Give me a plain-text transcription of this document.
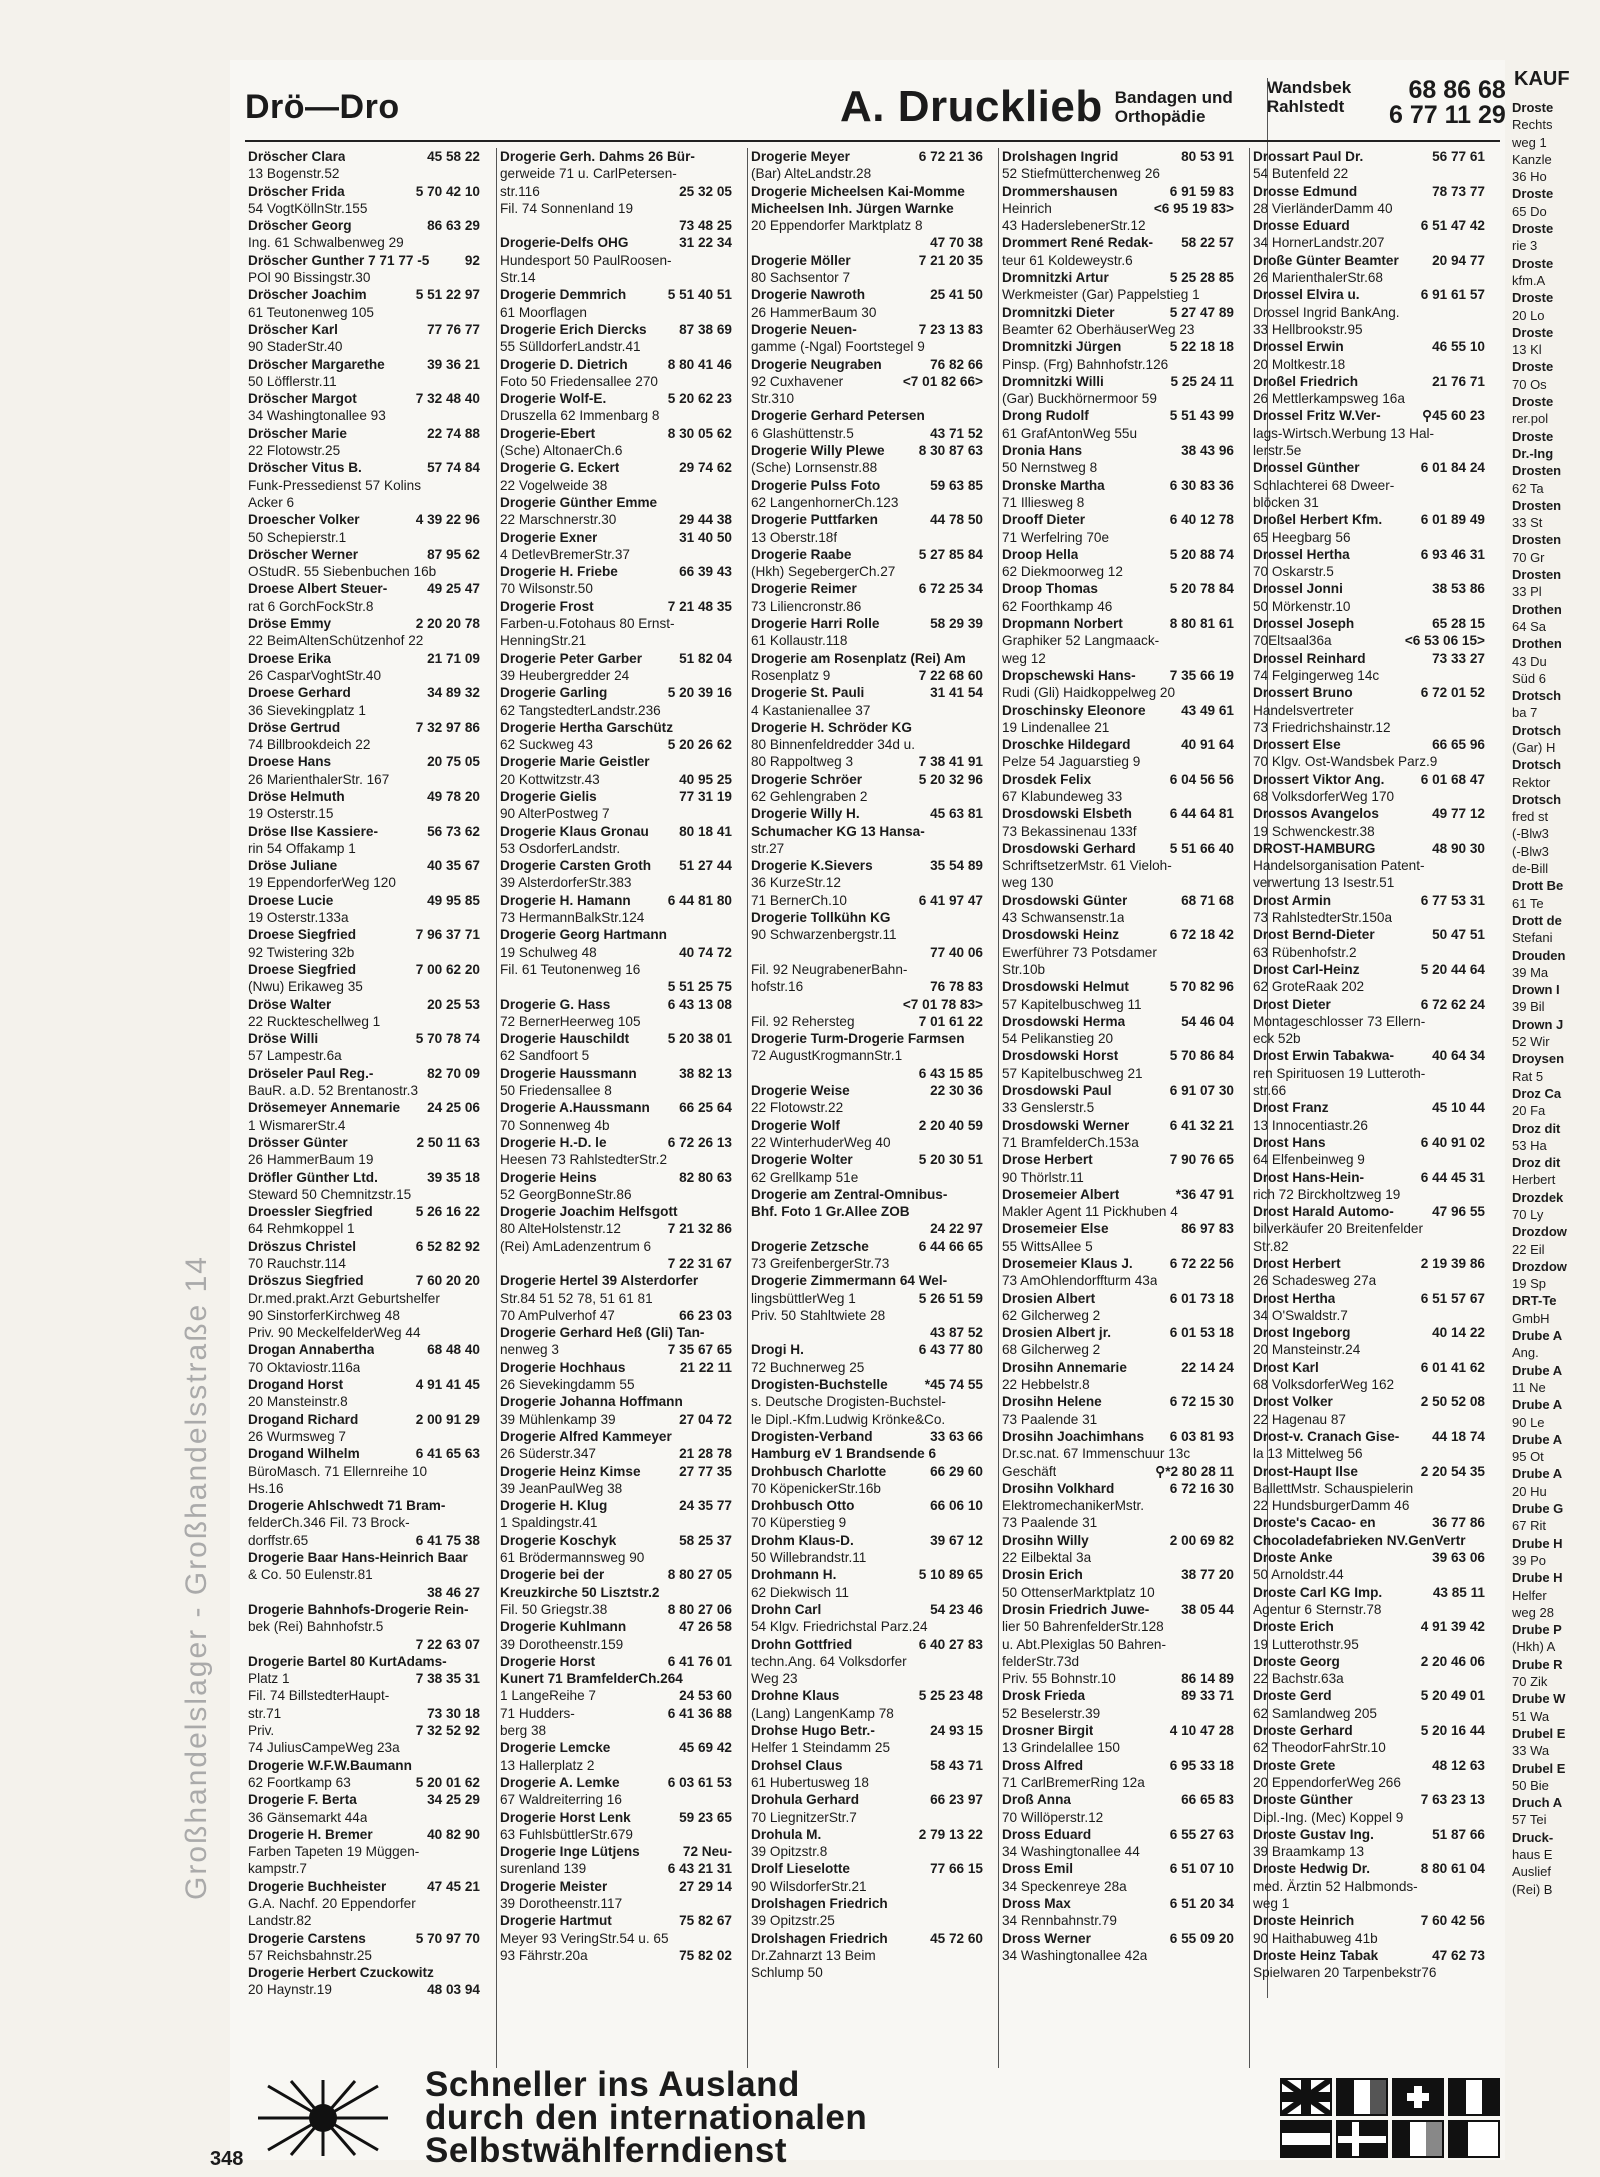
Großhandelslager - Großhandelsstraße 14
Drö—Dro	A. Drucklieb Bandagen und
Orthopädie
Wandsbek
Rahlstedt
68 86 68
6 77 11 29
Dröscher Clara	45 58 22
13 Bogenstr.52
Dröscher Frida	5 70 42 10
54 VogtKöllnStr.155
Dröscher Georg	86 63 29
Ing. 61 Schwalbenweg 29
Dröscher Gunther 7 71 77 -5	92
POl 90 Bissingstr.30
Dröscher Joachim	5 51 22 97
61 Teutonenweg 105
Dröscher Karl	77 76 77
90 StaderStr.40
Dröscher Margarethe	39 36 21
50 Löfflerstr.11
Dröscher Margot	7 32 48 40
34 Washingtonallee 93
Dröscher Marie	22 74 88
22 Flotowstr.25
Dröscher Vitus B.	57 74 84
Funk-Pressedienst 57 Kolins
Acker 6
Droescher Volker	4 39 22 96
50 Schepierstr.1
Dröscher Werner	87 95 62
OStudR. 55 Siebenbuchen 16b
Droese Albert Steuer-	49 25 47
rat 6 GorchFockStr.8
Dröse Emmy	2 20 20 78
22 BeimAltenSchützenhof 22
Droese Erika	21 71 09
26 CasparVoghtStr.40
Droese Gerhard	34 89 32
36 Sievekingplatz 1
Dröse Gertrud	7 32 97 86
74 Billbrookdeich 22
Droese Hans	20 75 05
26 MarienthalerStr. 167
Dröse Helmuth	49 78 20
19 Osterstr.15
Dröse Ilse Kassiere-	56 73 62
rin 54 Offakamp 1
Dröse Juliane	40 35 67
19 EppendorferWeg 120
Droese Lucie	49 95 85
19 Osterstr.133a
Droese Siegfried	7 96 37 71
92 Twistering 32b
Droese Siegfried	7 00 62 20
(Nwu) Erikaweg 35
Dröse Walter	20 25 53
22 Ruckteschellweg 1
Dröse Willi	5 70 78 74
57 Lampestr.6a
Dröseler Paul Reg.-	82 70 09
BauR. a.D. 52 Brentanostr.3
Drösemeyer Annemarie 24 25 06
1 WismarerStr.4
Drösser Günter	2 50 11 63
26 HammerBaum 19
Dröfler Günther Ltd.	39 35 18
Steward 50 Chemnitzstr.15
Droessler Siegfried	5 26 16 22
64 Rehmkoppel 1
Dröszus Christel	6 52 82 92
70 Rauchstr.114
Dröszus Siegfried	7 60 20 20
Dr.med.prakt.Arzt Geburtshelfer
90 SinstorferKirchweg 48
Priv. 90 MeckelfelderWeg 44
Drogan Annabertha	68 48 40
70 Oktaviostr.116a
Drogand Horst	4 91 41 45
20 Mansteinstr.8
Drogand Richard	2 00 91 29
26 Wurmsweg 7
Drogand Wilhelm	6 41 65 63
BüroMasch. 71 Ellernreihe 10
Hs.16
Drogerie Ahlschwedt 71 Bram-
felderCh.346 Fil. 73 Brock-
dorffstr.65	6 41 75 38
Drogerie Baar Hans-Heinrich Baar
& Co. 50 Eulenstr.81
38 46 27
Drogerie Bahnhofs-Drogerie Rein-
bek (Rei) Bahnhofstr.5
7 22 63 07
Drogerie Bartel 80 KurtAdams-
Platz 1	7 38 35 31
Fil. 74 BillstedterHaupt-
str.71	73 30 18
Priv.	7 32 52 92
74 JuliusCampeWeg 23a
Drogerie W.F.W.Baumann
62 Foortkamp 63	5 20 01 62
Drogerie F. Berta	34 25 29
36 Gänsemarkt 44a
Drogerie H. Bremer	40 82 90
Farben Tapeten 19 Müggen-
kampstr.7
Drogerie Buchheister	47 45 21
G.A. Nachf. 20 Eppendorfer
Landstr.82
Drogerie Carstens	5 70 97 70
57 Reichsbahnstr.25
Drogerie Herbert Czuckowitz
20 Haynstr.19	48 03 94
Drogerie Gerh. Dahms 26 Bür-
gerweide 71 u. CarlPetersen-
str.116	25 32 05
Fil. 74 SonnenIand 19
73 48 25
Drogerie-Delfs OHG	31 22 34
Hundesport 50 PaulRoosen-
Str.14
Drogerie Demmrich	5 51 40 51
61 Moorflagen
Drogerie Erich Diercks 87 38 69
55 SülldorferLandstr.41
Drogerie D. Dietrich	8 80 41 46
Foto 50 Friedensallee 270
Drogerie Wolf-E.	5 20 62 23
Druszella 62 Immenbarg 8
Drogerie-Ebert	8 30 05 62
(Sche) AltonaerCh.6
Drogerie G. Eckert	29 74 62
22 Vogelweide 38
Drogerie Günther Emme
22 Marschnerstr.30	29 44 38
Drogerie Exner	31 40 50
4 DetlevBremerStr.37
Drogerie H. Friebe	66 39 43
70 Wilsonstr.50
Drogerie Frost	7 21 48 35
Farben-u.Fotohaus 80 Ernst-
HenningStr.21
Drogerie Peter Garber	51 82 04
39 Heubergredder 24
Drogerie Garling	5 20 39 16
62 TangstedterLandstr.236
Drogerie Hertha Garschütz
62 Suckweg 43	5 20 26 62
Drogerie Marie Geistler
20 Kottwitzstr.43	40 95 25
Drogerie Gielis	77 31 19
90 AlterPostweg 7
Drogerie Klaus Gronau 80 18 41
53 OsdorferLandstr.
Drogerie Carsten Groth 51 27 44
39 AlsterdorferStr.383
Drogerie H. Hamann	6 44 81 80
73 HermannBalkStr.124
Drogerie Georg Hartmann
19 Schulweg 48	40 74 72
Fil. 61 Teutonenweg 16
5 51 25 75
Drogerie G. Hass	6 43 13 08
72 BernerHeerweg 105
Drogerie Hauschildt	5 20 38 01
62 Sandfoort 5
Drogerie Haussmann	38 82 13
50 Friedensallee 8
Drogerie A.Haussmann 66 25 64
70 Sonnenweg 4b
Drogerie H.-D. le	6 72 26 13
Heesen 73 RahlstedterStr.2
Drogerie Heins	82 80 63
52 GeorgBonneStr.86
Drogerie Joachim Helfsgott
80 AlteHolstenstr.12	7 21 32 86
(Rei) AmLadenzentrum 6
7 22 31 67
Drogerie Hertel 39 Alsterdorfer
Str.84 51 52 78, 51 61 81
70 AmPulverhof 47	66 23 03
Drogerie Gerhard Heß (Gli) Tan-
nenweg 3	7 35 67 65
Drogerie Hochhaus	21 22 11
26 Sievekingdamm 55
Drogerie Johanna Hoffmann
39 Mühlenkamp 39	27 04 72
Drogerie Alfred Kammeyer
26 Süderstr.347	21 28 78
Drogerie Heinz Kimse	27 77 35
39 JeanPaulWeg 38
Drogerie H. Klug	24 35 77
1 Spaldingstr.41
Drogerie Koschyk	58 25 37
61 Brödermannsweg 90
Drogerie bei der	8 80 27 05
Kreuzkirche 50 Lisztstr.2
Fil. 50 Griegstr.38	8 80 27 06
Drogerie Kuhlmann	47 26 58
39 Dorotheenstr.159
Drogerie Horst	6 41 76 01
Kunert 71 BramfelderCh.264
1 LangeReihe 7	24 53 60
71 Hudders-	6 41 36 88
berg 38
Drogerie Lemcke	45 69 42
13 Hallerplatz 2
Drogerie A. Lemke	6 03 61 53
67 Waldreiterring 16
Drogerie Horst Lenk	59 23 65
63 FuhlsbüttlerStr.679
Drogerie Inge Lütjens	72 Neu-
surenland 139	6 43 21 31
Drogerie Meister	27 29 14
39 Dorotheenstr.117
Drogerie Hartmut	75 82 67
Meyer 93 VeringStr.54 u. 65
93 Fährstr.20a	75 82 02
Drogerie Meyer	6 72 21 36
(Bar) AlteLandstr.28
Drogerie Micheelsen Kai-Momme
Micheelsen Inh. Jürgen Warnke
20 Eppendorfer Marktplatz 8
47 70 38
Drogerie Möller	7 21 20 35
80 Sachsentor 7
Drogerie Nawroth	25 41 50
26 HammerBaum 30
Drogerie Neuen-	7 23 13 83
gamme (-Ngal) Foortstegel 9
Drogerie Neugraben	76 82 66
92 Cuxhavener	<7 01 82 66>
Str.310
Drogerie Gerhard Petersen
6 Glashüttenstr.5	43 71 52
Drogerie Willy Plewe	8 30 87 63
(Sche) Lornsenstr.88
Drogerie Pulss Foto	59 63 85
62 LangenhornerCh.123
Drogerie Puttfarken	44 78 50
13 Oberstr.18f
Drogerie Raabe	5 27 85 84
(Hkh) SegebergerCh.27
Drogerie Reimer	6 72 25 34
73 Liliencronstr.86
Drogerie Harri Rolle	58 29 39
61 Kollaustr.118
Drogerie am Rosenplatz (Rei) Am
Rosenplatz 9	7 22 68 60
Drogerie St. Pauli	31 41 54
4 Kastanienallee 37
Drogerie H. Schröder KG
80 Binnenfeldredder 34d u.
80 Rappoltweg 3	7 38 41 91
Drogerie Schröer	5 20 32 96
62 Gehlengraben 2
Drogerie Willy H.	45 63 81
Schumacher KG 13 Hansa-
str.27
Drogerie K.Sievers	35 54 89
36 KurzeStr.12
71 BernerCh.10	6 41 97 47
Drogerie Tollkühn KG
90 Schwarzenbergstr.11
77 40 06
Fil. 92 NeugrabenerBahn-
hofstr.16	76 78 83
<7 01 78 83>
Fil. 92 Rehersteg	7 01 61 22
Drogerie Turm-Drogerie Farmsen
72 AugustKrogmannStr.1
6 43 15 85
Drogerie Weise	22 30 36
22 Flotowstr.22
Drogerie Wolf	2 20 40 59
22 WinterhuderWeg 40
Drogerie Wolter	5 20 30 51
62 Grellkamp 51e
Drogerie am Zentral-Omnibus-
Bhf. Foto 1 Gr.Allee ZOB
24 22 97
Drogerie Zetzsche	6 44 66 65
73 GreifenbergerStr.73
Drogerie Zimmermann 64 Wel-
lingsbüttlerWeg 1	5 26 51 59
Priv. 50 Stahltwiete 28
43 87 52
Drogi H.	6 43 77 80
72 Buchnerweg 25
Drogisten-Buchstelle	*45 74 55
s. Deutsche Drogisten-Buchstel-
le Dipl.-Kfm.Ludwig Krönke&Co.
Drogisten-Verband	33 63 66
Hamburg eV 1 Brandsende 6
Drohbusch Charlotte	66 29 60
70 KöpenickerStr.16b
Drohbusch Otto	66 06 10
70 Küperstieg 9
Drohm Klaus-D.	39 67 12
50 Willebrandstr.11
Drohmann H.	5 10 89 65
62 Diekwisch 11
Drohn Carl	54 23 46
54 Klgv. Friedrichstal Parz.24
Drohn Gottfried	6 40 27 83
techn.Ang. 64 Volksdorfer
Weg 23
Drohne Klaus	5 25 23 48
(Lang) LangenKamp 78
Drohse Hugo Betr.-	24 93 15
Helfer 1 Steindamm 25
Drohsel Claus	58 43 71
61 Hubertusweg 18
Drohula Gerhard	66 23 97
70 LiegnitzerStr.7
Drohula M.	2 79 13 22
39 Opitzstr.8
Drolf Lieselotte	77 66 15
90 WilsdorferStr.21
Drolshagen Friedrich
39 Opitzstr.25
Drolshagen Friedrich	45 72 60
Dr.Zahnarzt 13 Beim
Schlump 50
Drolshagen Ingrid	80 53 91
52 Stiefmütterchenweg 26
Drommershausen	6 91 59 83
Heinrich	<6 95 19 83>
43 HaderslebenerStr.12
Drommert René Redak- 58 22 57
teur 61 Koldeweystr.6
Dromnitzki Artur	5 25 28 85
Werkmeister (Gar) Pappelstieg 1
Dromnitzki Dieter	5 27 47 89
Beamter 62 OberhäuserWeg 23
Dromnitzki Jürgen	5 22 18 18
Pinsp. (Frg) Bahnhofstr.126
Dromnitzki Willi	5 25 24 11
(Gar) Buckhörnermoor 59
Drong Rudolf	5 51 43 99
61 GrafAntonWeg 55u
Dronia Hans	38 43 96
50 Nernstweg 8
Dronske Martha	6 30 83 36
71 Illiesweg 8
Drooff Dieter	6 40 12 78
71 Werfelring 70e
Droop Hella	5 20 88 74
62 Diekmoorweg 12
Droop Thomas	5 20 78 84
62 Foorthkamp 46
Dropmann Norbert	8 80 81 61
Graphiker 52 Langmaack-
weg 12
Dropschewski Hans-	7 35 66 19
Rudi (Gli) Haidkoppelweg 20
Droschinsky Eleonore	43 49 61
19 Lindenallee 21
Droschke Hildegard	40 91 64
Pelze 54 Jaguarstieg 9
Drosdek Felix	6 04 56 56
67 Klabundeweg 33
Drosdowski Elsbeth	6 44 64 81
73 Bekassinenau 133f
Drosdowski Gerhard	5 51 66 40
SchriftsetzerMstr. 61 Vieloh-
weg 130
Drosdowski Günter	68 71 68
43 Schwansenstr.1a
Drosdowski Heinz	6 72 18 42
Ewerführer 73 Potsdamer
Str.10b
Drosdowski Helmut	5 70 82 96
57 Kapitelbuschweg 11
Drosdowski Herma	54 46 04
54 Pelikanstieg 20
Drosdowski Horst	5 70 86 84
57 Kapitelbuschweg 21
Drosdowski Paul	6 91 07 30
33 Genslerstr.5
Drosdowski Werner	6 41 32 21
71 BramfelderCh.153a
Drose Herbert	7 90 76 65
90 Thörlstr.11
Drosemeier Albert	*36 47 91
Makler Agent 11 Pickhuben 4
Drosemeier Else	86 97 83
55 WittsAllee 5
Drosemeier Klaus J.	6 72 22 56
73 AmOhlendorffturm 43a
Drosien Albert	6 01 73 18
62 Gilcherweg 2
Drosien Albert jr.	6 01 53 18
68 Gilcherweg 2
Drosihn Annemarie	22 14 24
22 Hebbelstr.8
Drosihn Helene	6 72 15 30
73 Paalende 31
Drosihn Joachimhans 6 03 81 93
Dr.sc.nat. 67 Immenschuur 13c
Geschäft	⚲*2 80 28 11
Drosihn Volkhard	6 72 16 30
ElektromechanikerMstr.
73 Paalende 31
Drosihn Willy	2 00 69 82
22 Eilbektal 3a
Drosin Erich	38 77 20
50 OttenserMarktplatz 10
Drosin Friedrich Juwe- 38 05 44
lier 50 BahrenfelderStr.128
u. Abt.Plexiglas 50 Bahren-
felderStr.73d
Priv. 55 Bohnstr.10	86 14 89
Drosk Frieda	89 33 71
52 Beselerstr.39
Drosner Birgit	4 10 47 28
13 Grindelallee 150
Dross Alfred	6 95 33 18
71 CarlBremerRing 12a
Droß Anna	66 65 83
70 Willöperstr.12
Dross Eduard	6 55 27 63
34 Washingtonallee 44
Dross Emil	6 51 07 10
34 Speckenreye 28a
Dross Max	6 51 20 34
34 Rennbahnstr.79
Dross Werner	6 55 09 20
34 Washingtonallee 42a
Drossart Paul Dr.	56 77 61
54 Butenfeld 22
Drosse Edmund	78 73 77
28 VierländerDamm 40
Drosse Eduard	6 51 47 42
34 HornerLandstr.207
Droße Günter Beamter 20 94 77
26 MarienthalerStr.68
Drossel Elvira u.	6 91 61 57
Drossel Ingrid BankAng.
33 Hellbrookstr.95
Drossel Erwin	46 55 10
20 Moltkestr.18
Droßel Friedrich	21 76 71
26 Mettlerkampsweg 16a
Drossel Fritz W.Ver-	⚲45 60 23
lags-Wirtsch.Werbung 13 Hal-
lerstr.5e
Drossel Günther	6 01 84 24
Schlachterei 68 Dweer-
blöcken 31
Droßel Herbert Kfm.	6 01 89 49
65 Heegbarg 56
Drossel Hertha	6 93 46 31
70 Oskarstr.5
Drossel Jonni	38 53 86
50 Mörkenstr.10
Drossel Joseph	65 28 15
70Eltsaal36a	<6 53 06 15>
Drossel Reinhard	73 33 27
74 Felgingerweg 14c
Drossert Bruno	6 72 01 52
Handelsvertreter
73 Friedrichshainstr.12
Drossert Else	66 65 96
70 Klgv. Ost-Wandsbek Parz.9
Drossert Viktor Ang.	6 01 68 47
68 VolksdorferWeg 170
Drossos Avangelos	49 77 12
19 Schwenckestr.38
DROST-HAMBURG	48 90 30
Handelsorganisation Patent-
verwertung 13 Isestr.51
Drost Armin	6 77 53 31
73 RahlstedterStr.150a
Drost Bernd-Dieter	50 47 51
63 Rübenhofstr.2
Drost Carl-Heinz	5 20 44 64
62 GroteRaak 202
Drost Dieter	6 72 62 24
Montageschlosser 73 Ellern-
eck 52b
Drost Erwin Tabakwa-	40 64 34
ren Spirituosen 19 Lutteroth-
str.66
Drost Franz	45 10 44
13 Innocentiastr.26
Drost Hans	6 40 91 02
64 Elfenbeinweg 9
Drost Hans-Hein-	6 44 45 31
rich 72 Birckholtzweg 19
Drost Harald Automo-	47 96 55
bilverkäufer 20 Breitenfelder
Str.82
Drost Herbert	2 19 39 86
26 Schadesweg 27a
Drost Hertha	6 51 57 67
34 O'Swaldstr.7
Drost Ingeborg	40 14 22
20 Mansteinstr.24
Drost Karl	6 01 41 62
68 VolksdorferWeg 162
Drost Volker	2 50 52 08
22 Hagenau 87
Drost-v. Cranach Gise- 44 18 74
la 13 Mittelweg 56
Drost-Haupt Ilse	2 20 54 35
BallettMstr. Schauspielerin
22 HundsburgerDamm 46
Droste's Cacao- en	36 77 86
Chocoladefabrieken NV.GenVertr
Droste Anke	39 63 06
50 Arnoldstr.44
Droste Carl KG Imp.	43 85 11
Agentur 6 Sternstr.78
Droste Erich	4 91 39 42
19 Lutterothstr.95
Droste Georg	2 20 46 06
22 Bachstr.63a
Droste Gerd	5 20 49 01
62 Samlandweg 205
Droste Gerhard	5 20 16 44
62 TheodorFahrStr.10
Droste Grete	48 12 63
20 EppendorferWeg 266
Droste Günther	7 63 23 13
Dipl.-Ing. (Mec) Koppel 9
Droste Gustav Ing.	51 87 66
39 Braamkamp 13
Droste Hedwig Dr.	8 80 61 04
med. Ärztin 52 Halbmonds-
weg 1
Droste Heinrich	7 60 42 56
90 Haithabuweg 41b
Droste Heinz Tabak	47 62 73
Spielwaren 20 Tarpenbekstr76
KAUF
Droste
Rechts
weg 1
Kanzle
36 Ho
Droste
65 Do
Droste
rie 3
Droste
kfm.A
Droste
20 Lo
Droste
13 Kl
Droste
70 Os
Droste
rer.pol
Droste
Dr.-Ing
Drosten
62 Ta
Drosten
33 St
Drosten
70 Gr
Drosten
33 Pl
Drothen
64 Sa
Drothen
43 Du
Süd 6
Drotsch
ba 7
Drotsch
(Gar) H
Drotsch
Rektor
Drotsch
fred st
(-Blw3
(-Blw3
de-Bill
Drott Be
61 Te
Drott de
Stefani
Drouden
39 Ma
Drown I
39 Bil
Drown J
52 Wir
Droysen
Rat 5
Droz Ca
20 Fa
Droz dit
53 Ha
Droz dit
Herbert
Drozdek
70 Ly
Drozdow
22 Eil
Drozdow
19 Sp
DRT-Te
GmbH
Drube A
Ang.
Drube A
11 Ne
Drube A
90 Le
Drube A
95 Ot
Drube A
20 Hu
Drube G
67 Rit
Drube H
39 Po
Drube H
Helfer
weg 28
Drube P
(Hkh) A
Drube R
70 Zik
Drube W
51 Wa
Drubel E
33 Wa
Drubel E
50 Bie
Druch A
57 Tei
Druck-
haus E
Auslief
(Rei) B
Schneller ins Ausland
durch den internationalen
Selbstwählferndienst
348
